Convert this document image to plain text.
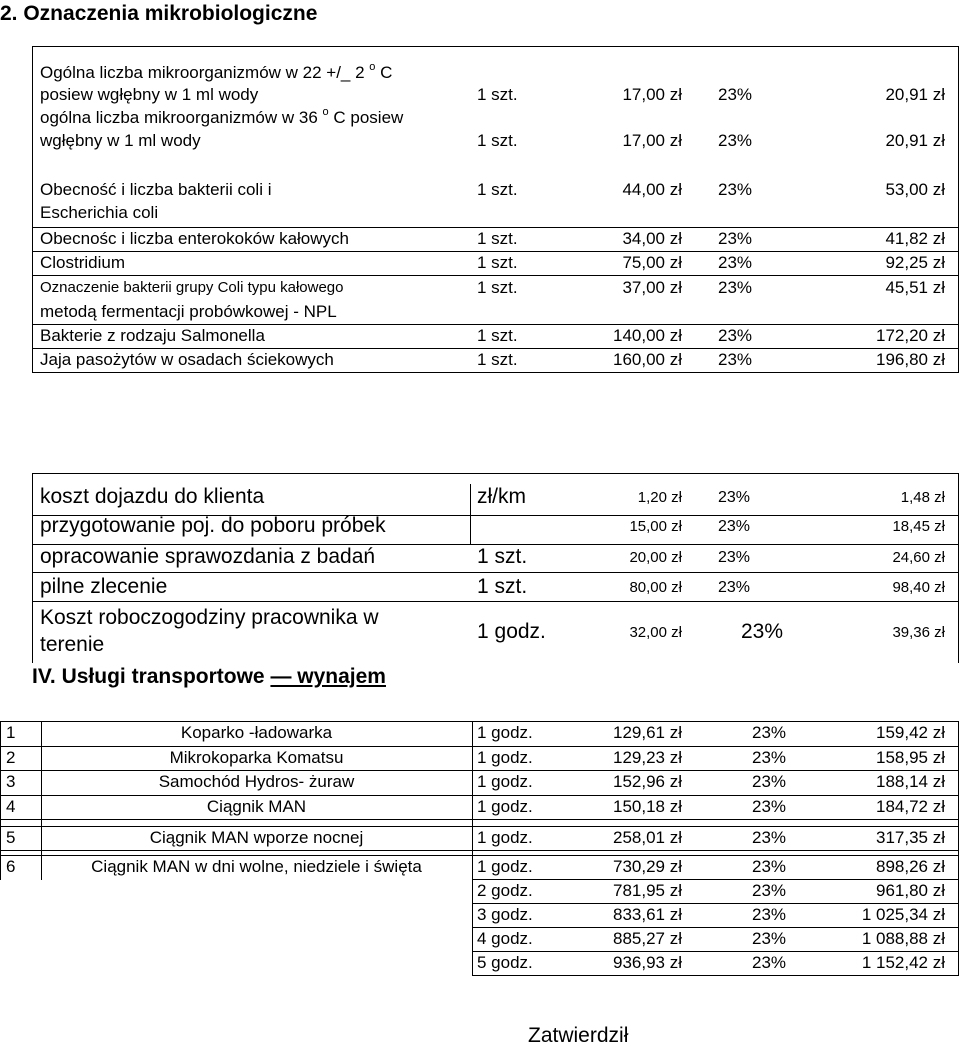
2. Oznaczenia mikrobiologiczne
Ogólna liczba mikroorganizmów w 22 +/_ 2 $^o$ C
posiew wgłębny w 1 ml wody	1 szt.	17,00 zł 23%	20,91 zł
ogólna liczba mikroorganizmów w 36 $^o$ C posiew
wgłębny w 1 ml wody	1 szt.	17,00 zł 23%	20,91 zł
Obecność i liczba bakterii coli i
Escherichia coli
1 szt.	44,00 zł 23%	53,00 zł
Obecnośc i liczba enterokoków kałowych	1 szt.	34,00 zł 23%	41,82 zł
Clostridium	1 szt.	75,00 zł 23%	92,25 zł
Oznaczenie bakterii grupy Coli typu kałowego
metodą fermentacji probówkowej - NPL
1 szt.	37,00 zł 23%	45,51 zł
Bakterie z rodzaju Salmonella	1 szt.	140,00 zł 23%	172,20 zł
Jaja pasożytów w osadach ściekowych	1 szt.	160,00 zł 23%	196,80 zł
koszt dojazdu do klienta	zł/km	1,20 zł 23%	1,48 zł
przygotowanie poj. do poboru próbek	15,00 zł 23%	18,45 zł
opracowanie sprawozdania z badań	1 szt.	20,00 zł 23%	24,60 zł
pilne zlecenie	1 szt.	80,00 zł 23%	98,40 zł
Koszt roboczogodziny pracownika w
terenie
1 godz.	32,00 zł	23%	39,36 zł
IV. Usługi transportowe — wynajem
1	Koparko -ładowarka	1 godz.	129,61 zł	23%	159,42 zł
2	Mikrokoparka Komatsu	1 godz.	129,23 zł	23%	158,95 zł
3	Samochód Hydros- żuraw	1 godz.	152,96 zł	23%	188,14 zł
4	Ciągnik MAN	1 godz.	150,18 zł	23%	184,72 zł
5	Ciągnik MAN wporze nocnej	1 godz.	258,01 zł	23%	317,35 zł
6	Ciągnik MAN w dni wolne, niedziele i święta	1 godz.	730,29 zł	23%	898,26 zł
2 godz.	781,95 zł	23%	961,80 zł
3 godz.	833,61 zł	23%	1 025,34 zł
4 godz.	885,27 zł	23%	1 088,88 zł
5 godz.	936,93 zł	23%	1 152,42 zł
Zatwierdził
